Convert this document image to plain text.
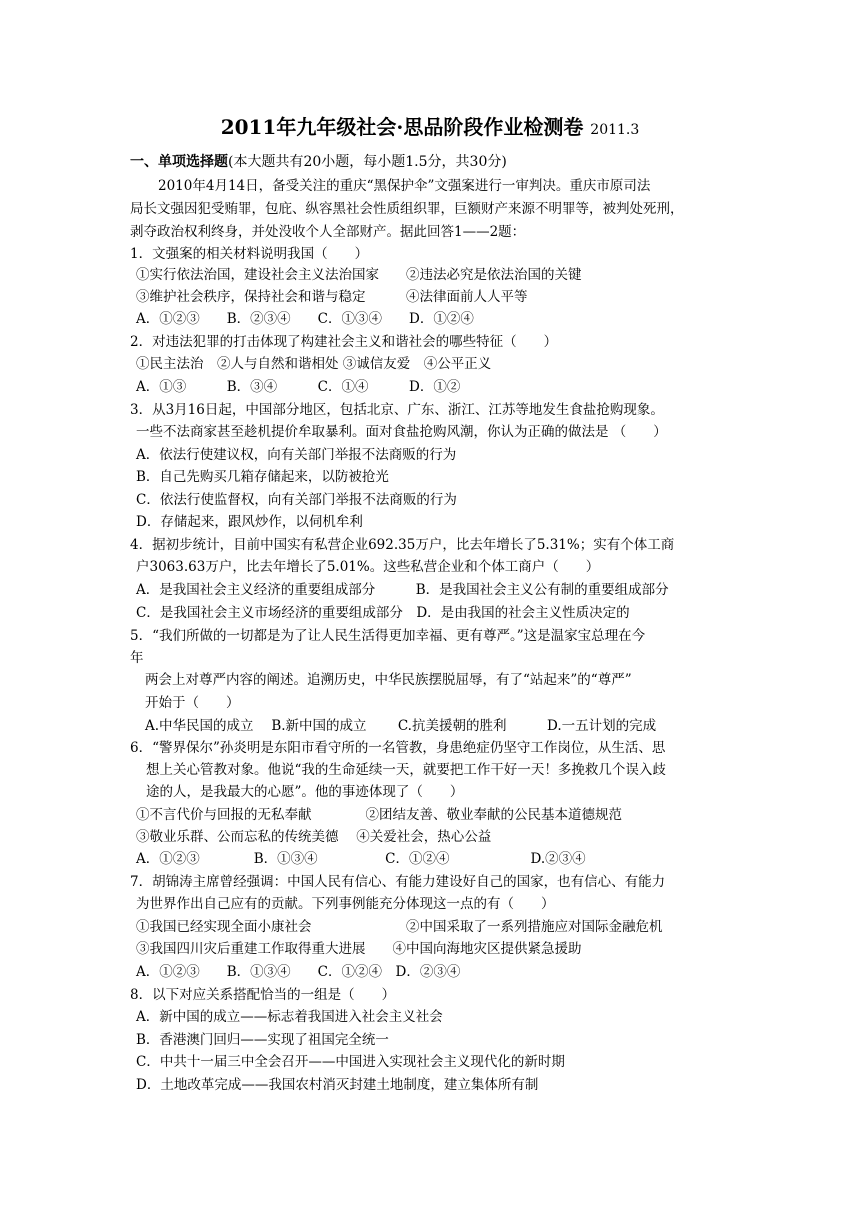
2011年九年级社会·思品阶段作业检测卷 2011.3
一、单项选择题(本大题共有20小题，每小题1.5分，共30分)
2010年4月14日，备受关注的重庆“黑保护伞”文强案进行一审判决。重庆市原司法
局长文强因犯受贿罪，包庇、纵容黑社会性质组织罪，巨额财产来源不明罪等，被判处死刑，
剥夺政治权利终身，并处没收个人全部财产。据此回答1——2题：
1．文强案的相关材料说明我国（　　）
①实行依法治国，建设社会主义法治国家　　②违法必究是依法治国的关键
③维护社会秩序，保持社会和谐与稳定　　　④法律面前人人平等
A．①②③　　B．②③④　　C．①③④　　D．①②④
2．对违法犯罪的打击体现了构建社会主义和谐社会的哪些特征（　　）
①民主法治　②人与自然和谐相处 ③诚信友爱　④公平正义
A．①③　　　B．③④　　　C．①④　　　D．①②
3．从3月16日起，中国部分地区，包括北京、广东、浙江、江苏等地发生食盐抢购现象。
一些不法商家甚至趁机提价牟取暴利。面对食盐抢购风潮，你认为正确的做法是 （　　）
A．依法行使建议权，向有关部门举报不法商贩的行为
B．自己先购买几箱存储起来，以防被抢光
C．依法行使监督权，向有关部门举报不法商贩的行为
D．存储起来，跟风炒作，以伺机牟利
4．据初步统计，目前中国实有私营企业692.35万户，比去年增长了5.31%；实有个体工商
户3063.63万户，比去年增长了5.01%。这些私营企业和个体工商户（　　）
A．是我国社会主义经济的重要组成部分　　　B．是我国社会主义公有制的重要组成部分
C．是我国社会主义市场经济的重要组成部分　D．是由我国的社会主义性质决定的
5．“我们所做的一切都是为了让人民生活得更加幸福、更有尊严。”这是温家宝总理在今
年
两会上对尊严内容的阐述。追溯历史，中华民族摆脱屈辱，有了“站起来”的“尊严”
开始于（　　）
A.中华民国的成立　 B.新中国的成立　　 C.抗美援朝的胜利　　　D.一五计划的完成
6．“警界保尔”孙炎明是东阳市看守所的一名管教，身患绝症仍坚守工作岗位，从生活、思
想上关心管教对象。他说“我的生命延续一天，就要把工作干好一天！多挽救几个误入歧
途的人，是我最大的心愿”。他的事迹体现了（　　）
①不言代价与回报的无私奉献　　　　②团结友善、敬业奉献的公民基本道德规范
③敬业乐群、公而忘私的传统美德　 ④关爱社会，热心公益
A．①②③　　　　B．①③④　　　　　C．①②④　　　　　　D.②③④
7．胡锦涛主席曾经强调：中国人民有信心、有能力建设好自己的国家，也有信心、有能力
为世界作出自己应有的贡献。下列事例能充分体现这一点的有（　　）
①我国已经实现全面小康社会　　　　　　　②中国采取了一系列措施应对国际金融危机
③我国四川灾后重建工作取得重大进展　　④中国向海地灾区提供紧急援助
A．①②③　　B．①③④　　C．①②④　D．②③④
8．以下对应关系搭配恰当的一组是（　　）
A．新中国的成立——标志着我国进入社会主义社会
B．香港澳门回归——实现了祖国完全统一
C．中共十一届三中全会召开——中国进入实现社会主义现代化的新时期
D．土地改革完成——我国农村消灭封建土地制度，建立集体所有制
